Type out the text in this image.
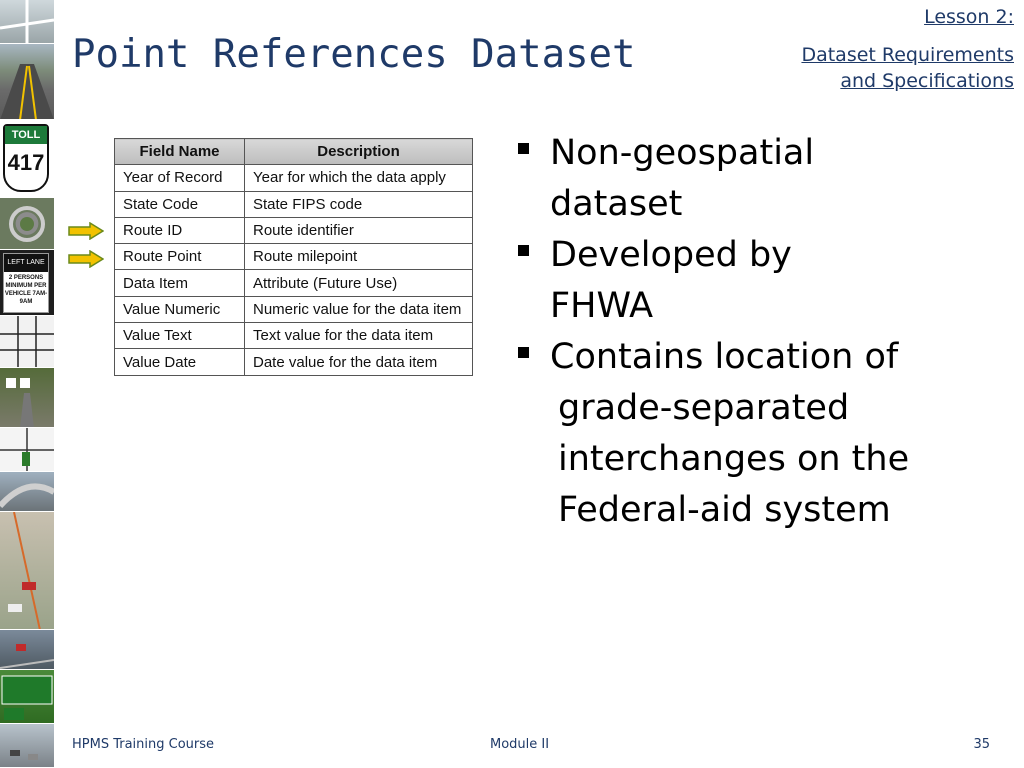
TOLL
417
LEFT LANE
2 PERSONS MINIMUM PER VEHICLE 7AM-9AM
Point References Dataset
Lesson 2:
Dataset Requirements
and Specifications
Field Name	Description
Year of Record	Year for which the data apply
State Code	State FIPS code
Route ID	Route identifier
Route Point	Route milepoint
Data Item	Attribute (Future Use)
Value Numeric	Numeric value for the data item
Value Text	Text value for the data item
Value Date	Date value for the data item
Non-geospatial
dataset
Developed by
FHWA
Contains location of
grade-separated
interchanges on the
Federal-aid system
HPMS Training Course	Module II	35
